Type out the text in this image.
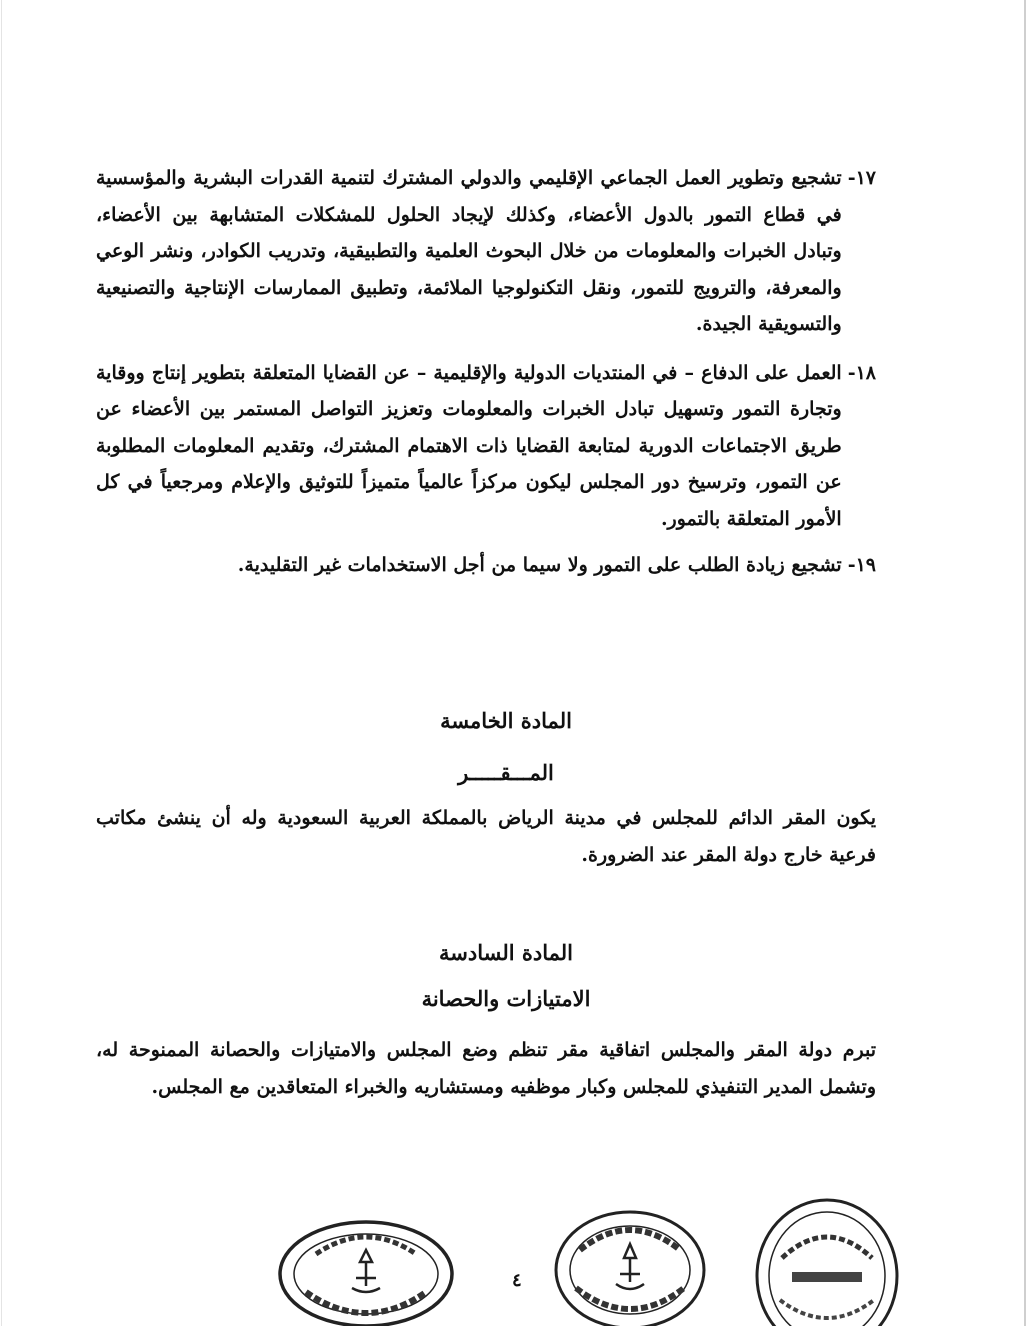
١٧-
تشجيع وتطوير العمل الجماعي الإقليمي والدولي المشترك لتنمية القدرات البشرية والمؤسسية في قطاع التمور بالدول الأعضاء، وكذلك لإيجاد الحلول للمشكلات المتشابهة بين الأعضاء، وتبادل الخبرات والمعلومات من خلال البحوث العلمية والتطبيقية، وتدريب الكوادر، ونشر الوعي والمعرفة، والترويج للتمور، ونقل التكنولوجيا الملائمة، وتطبيق الممارسات الإنتاجية والتصنيعية والتسويقية الجيدة.
١٨-
العمل على الدفاع – في المنتديات الدولية والإقليمية – عن القضايا المتعلقة بتطوير إنتاج ووقاية وتجارة التمور وتسهيل تبادل الخبرات والمعلومات وتعزيز التواصل المستمر بين الأعضاء عن طريق الاجتماعات الدورية لمتابعة القضايا ذات الاهتمام المشترك، وتقديم المعلومات المطلوبة عن التمور، وترسيخ دور المجلس ليكون مركزاً عالمياً متميزاً للتوثيق والإعلام ومرجعياً في كل الأمور المتعلقة بالتمور.
١٩-
تشجيع زيادة الطلب على التمور ولا سيما من أجل الاستخدامات غير التقليدية.
المادة الخامسة
المـــقـــــر
يكون المقر الدائم للمجلس في مدينة الرياض بالمملكة العربية السعودية وله أن ينشئ مكاتب فرعية خارج دولة المقر عند الضرورة.
المادة السادسة
الامتيازات والحصانة
تبرم دولة المقر والمجلس اتفاقية مقر تنظم وضع المجلس والامتيازات والحصانة الممنوحة له، وتشمل المدير التنفيذي للمجلس وكبار موظفيه ومستشاريه والخبراء المتعاقدين مع المجلس.
٤
